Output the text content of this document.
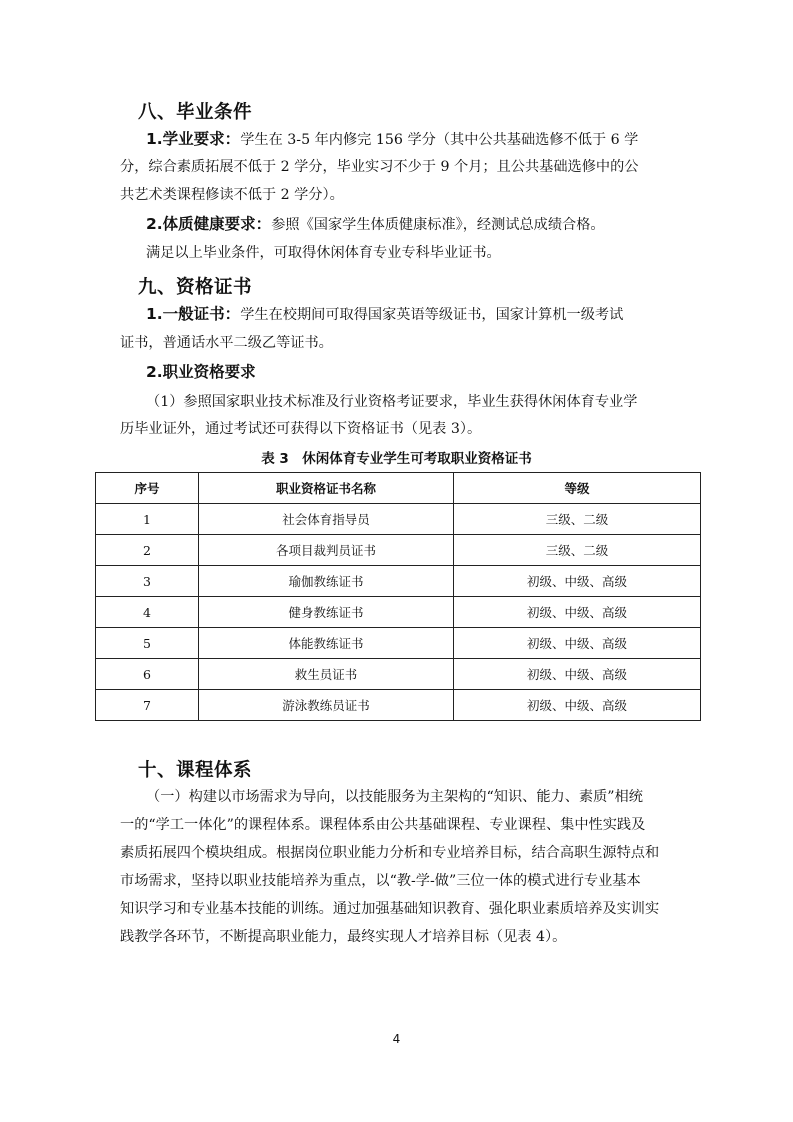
八、毕业条件
1.学业要求：学生在 3-5 年内修完 156 学分（其中公共基础选修不低于 6 学
分，综合素质拓展不低于 2 学分，毕业实习不少于 9 个月；且公共基础选修中的公
共艺术类课程修读不低于 2 学分）。
2.体质健康要求：参照《国家学生体质健康标准》，经测试总成绩合格。
满足以上毕业条件，可取得休闲体育专业专科毕业证书。
九、资格证书
1.一般证书：学生在校期间可取得国家英语等级证书，国家计算机一级考试
证书，普通话水平二级乙等证书。
2.职业资格要求
（1）参照国家职业技术标准及行业资格考证要求，毕业生获得休闲体育专业学
历毕业证外，通过考试还可获得以下资格证书（见表 3）。
表 3　休闲体育专业学生可考取职业资格证书
序号	职业资格证书名称	等级
1	社会体育指导员	三级、二级
2	各项目裁判员证书	三级、二级
3	瑜伽教练证书	初级、中级、高级
4	健身教练证书	初级、中级、高级
5	体能教练证书	初级、中级、高级
6	救生员证书	初级、中级、高级
7	游泳教练员证书	初级、中级、高级
十、课程体系
（一）构建以市场需求为导向，以技能服务为主架构的“知识、能力、素质”相统
一的“学工一体化”的课程体系。课程体系由公共基础课程、专业课程、集中性实践及
素质拓展四个模块组成。根据岗位职业能力分析和专业培养目标，结合高职生源特点和
市场需求，坚持以职业技能培养为重点，以“教-学-做”三位一体的模式进行专业基本
知识学习和专业基本技能的训练。通过加强基础知识教育、强化职业素质培养及实训实
践教学各环节，不断提高职业能力，最终实现人才培养目标（见表 4）。
4
